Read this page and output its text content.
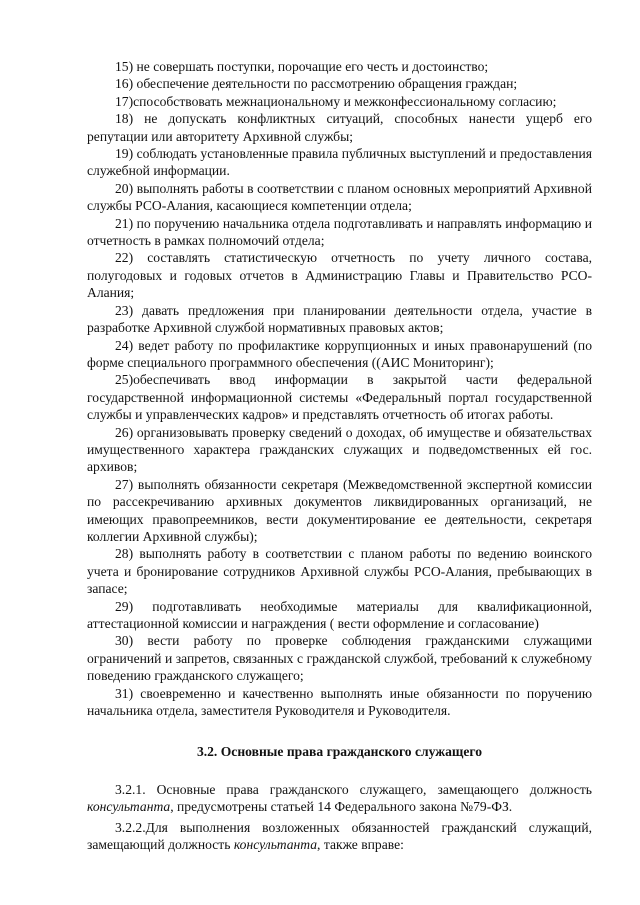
15) не совершать поступки, порочащие его честь и достоинство;

16) обеспечение деятельности по рассмотрению обращения граждан;

17)способствовать межнациональному и межконфессиональному согласию;

18) не допускать конфликтных ситуаций, способных нанести ущерб его репутации или авторитету Архивной службы;

19) соблюдать установленные правила публичных выступлений и предоставления служебной информации.

20) выполнять работы в соответствии с планом основных мероприятий Архивной службы РСО-Алания, касающиеся компетенции отдела;

21) по поручению начальника отдела подготавливать и направлять информацию и отчетность в рамках полномочий отдела;

22) составлять статистическую отчетность по учету личного состава, полугодовых и годовых отчетов в Администрацию Главы и Правительство РСО-Алания;

23) давать предложения при планировании деятельности отдела, участие в разработке Архивной службой нормативных правовых актов;

24) ведет работу по профилактике коррупционных и иных правонарушений (по форме специального программного обеспечения ((АИС Мониторинг);

25)обеспечивать ввод информации в закрытой части федеральной государственной информационной системы «Федеральный портал государственной службы и управленческих кадров» и представлять отчетность об итогах работы.

26) организовывать проверку сведений о доходах, об имуществе и обязательствах имущественного характера гражданских служащих и подведомственных ей гос. архивов;

27) выполнять обязанности секретаря (Межведомственной экспертной комиссии по рассекречиванию архивных документов ликвидированных организаций, не имеющих правопреемников, вести документирование ее деятельности, секретаря коллегии Архивной службы);

28) выполнять работу в соответствии с планом работы по ведению воинского учета и бронирование сотрудников Архивной службы РСО-Алания, пребывающих в запасе;

29) подготавливать необходимые материалы для квалификационной, аттестационной комиссии и награждения ( вести оформление и согласование)

30) вести работу по проверке соблюдения гражданскими служащими ограничений и запретов, связанных с гражданской службой, требований к служебному поведению гражданского служащего;

31) своевременно и качественно выполнять иные обязанности по поручению начальника отдела, заместителя Руководителя и Руководителя.

3.2. Основные права гражданского служащего

3.2.1. Основные права гражданского служащего, замещающего должность консультанта, предусмотрены статьей 14 Федерального закона №79-ФЗ.

3.2.2.Для выполнения возложенных обязанностей гражданский служащий, замещающий должность консультанта, также вправе:
